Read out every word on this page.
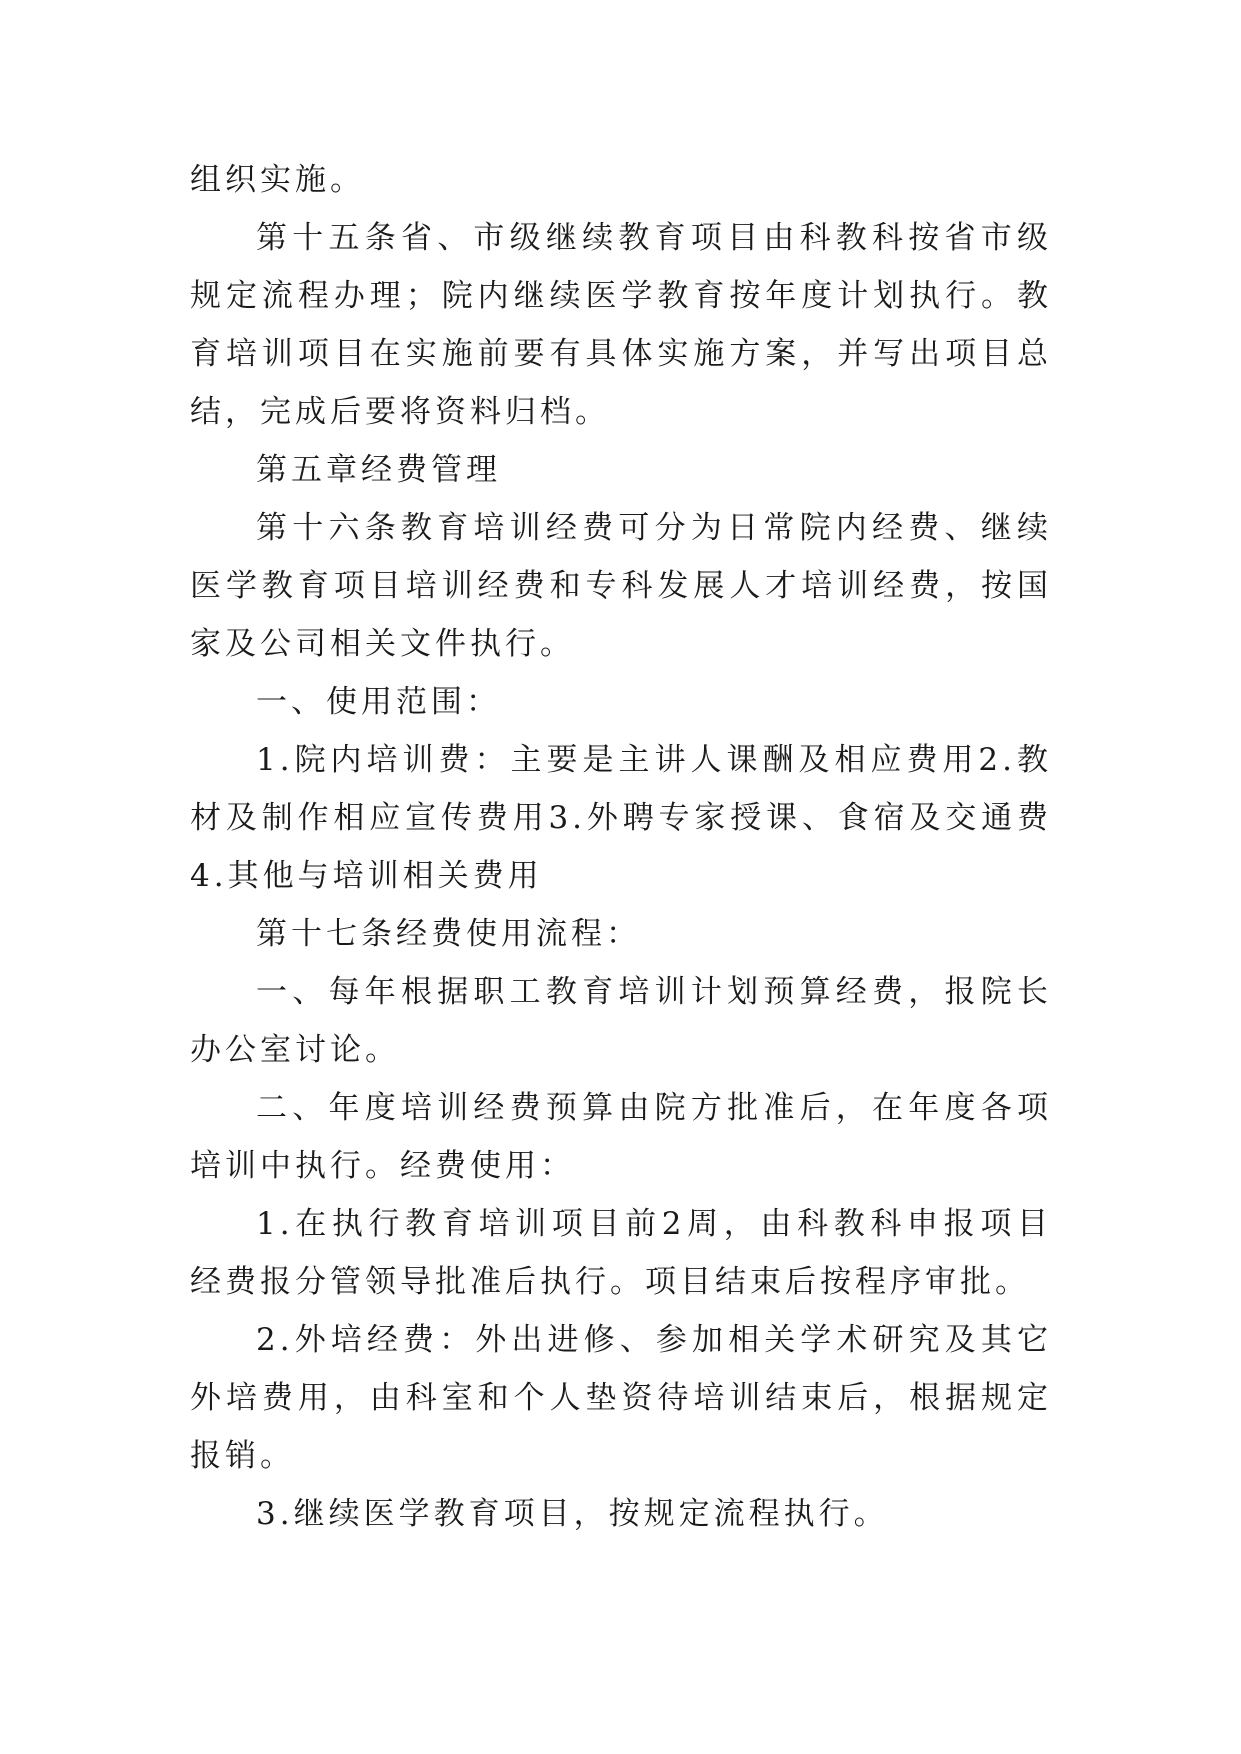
组织实施。

第十五条省、市级继续教育项目由科教科按省市级规定流程办理；院内继续医学教育按年度计划执行。教育培训项目在实施前要有具体实施方案，并写出项目总结，完成后要将资料归档。

第五章经费管理

第十六条教育培训经费可分为日常院内经费、继续医学教育项目培训经费和专科发展人才培训经费，按国家及公司相关文件执行。

一、使用范围：

1.院内培训费：主要是主讲人课酬及相应费用2.教材及制作相应宣传费用3.外聘专家授课、食宿及交通费4.其他与培训相关费用

第十七条经费使用流程：

一、每年根据职工教育培训计划预算经费，报院长办公室讨论。

二、年度培训经费预算由院方批准后，在年度各项培训中执行。经费使用：

1.在执行教育培训项目前2周，由科教科申报项目经费报分管领导批准后执行。项目结束后按程序审批。

2.外培经费：外出进修、参加相关学术研究及其它外培费用，由科室和个人垫资待培训结束后，根据规定报销。

3.继续医学教育项目，按规定流程执行。
